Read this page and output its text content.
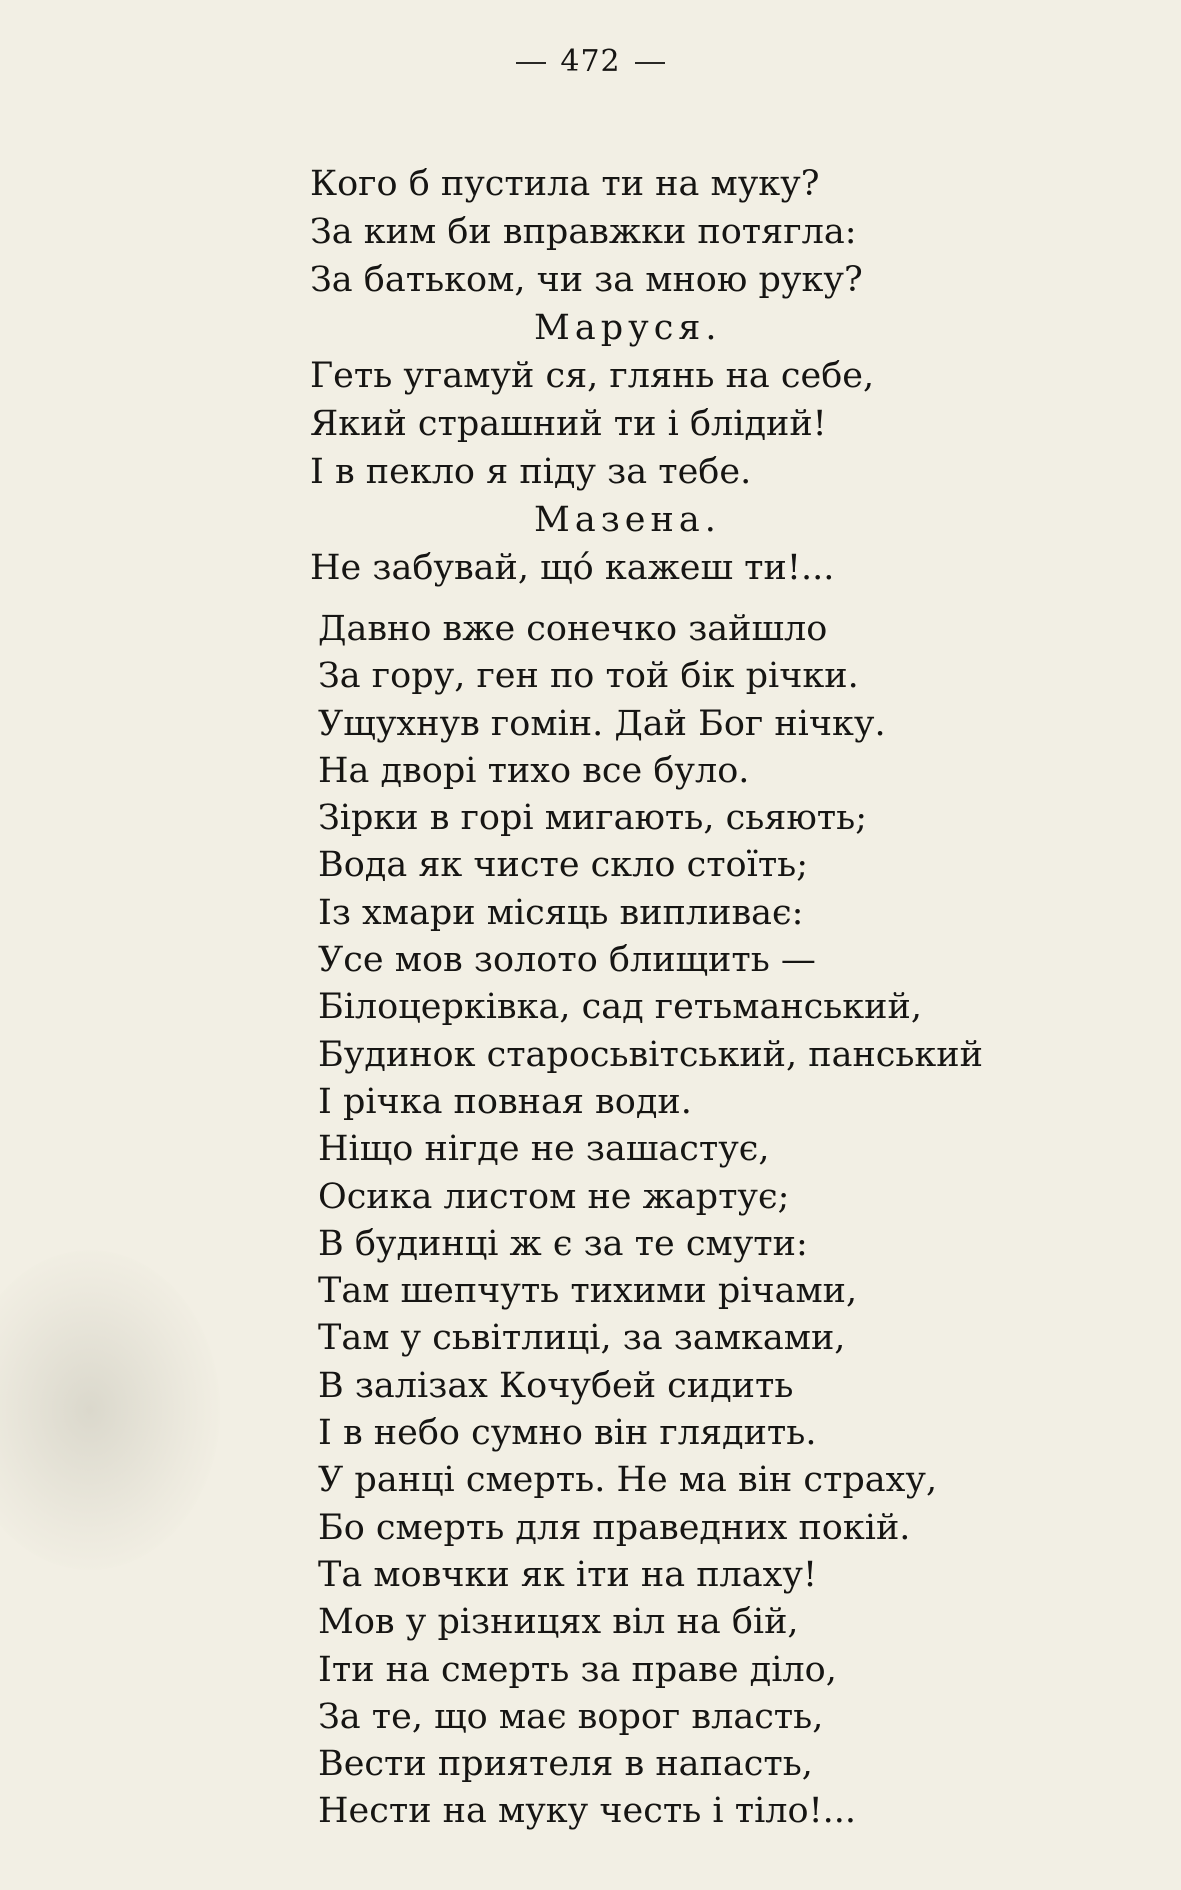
472
Кого б пустила ти на муку?
За ким би вправжки потягла:
За батьком, чи за мною руку?
Маруся.
Геть угамуй ся, глянь на себе,
Який страшний ти і блідий!
І в пекло я піду за тебе.
Мазена.
Не забувай, щó кажеш ти!...
Давно вже сонечко зайшло
За гору, ген по той бік річки.
Ущухнув гомін. Дай Бог нічку.
На дворі тихо все було.
Зірки в горі мигають, сьяють;
Вода як чисте скло стоїть;
Із хмари місяць випливає:
Усе мов золото блищить —
Білоцерківка, сад гетьманський,
Будинок старосьвітський, панський
І річка повная води.
Ніщо нігде не зашастує,
Осика листом не жартує;
В будинці ж є за те смути:
Там шепчуть тихими річами,
Там у сьвітлиці, за замками,
В залізах Кочубей сидить
І в небо сумно він глядить.
У ранці смерть. Не ма він страху,
Бо смерть для праведних покій.
Та мовчки як іти на плаху!
Мов у різницях віл на бій,
Іти на смерть за праве діло,
За те, що має ворог власть,
Вести приятеля в напасть,
Нести на муку честь і тіло!...
